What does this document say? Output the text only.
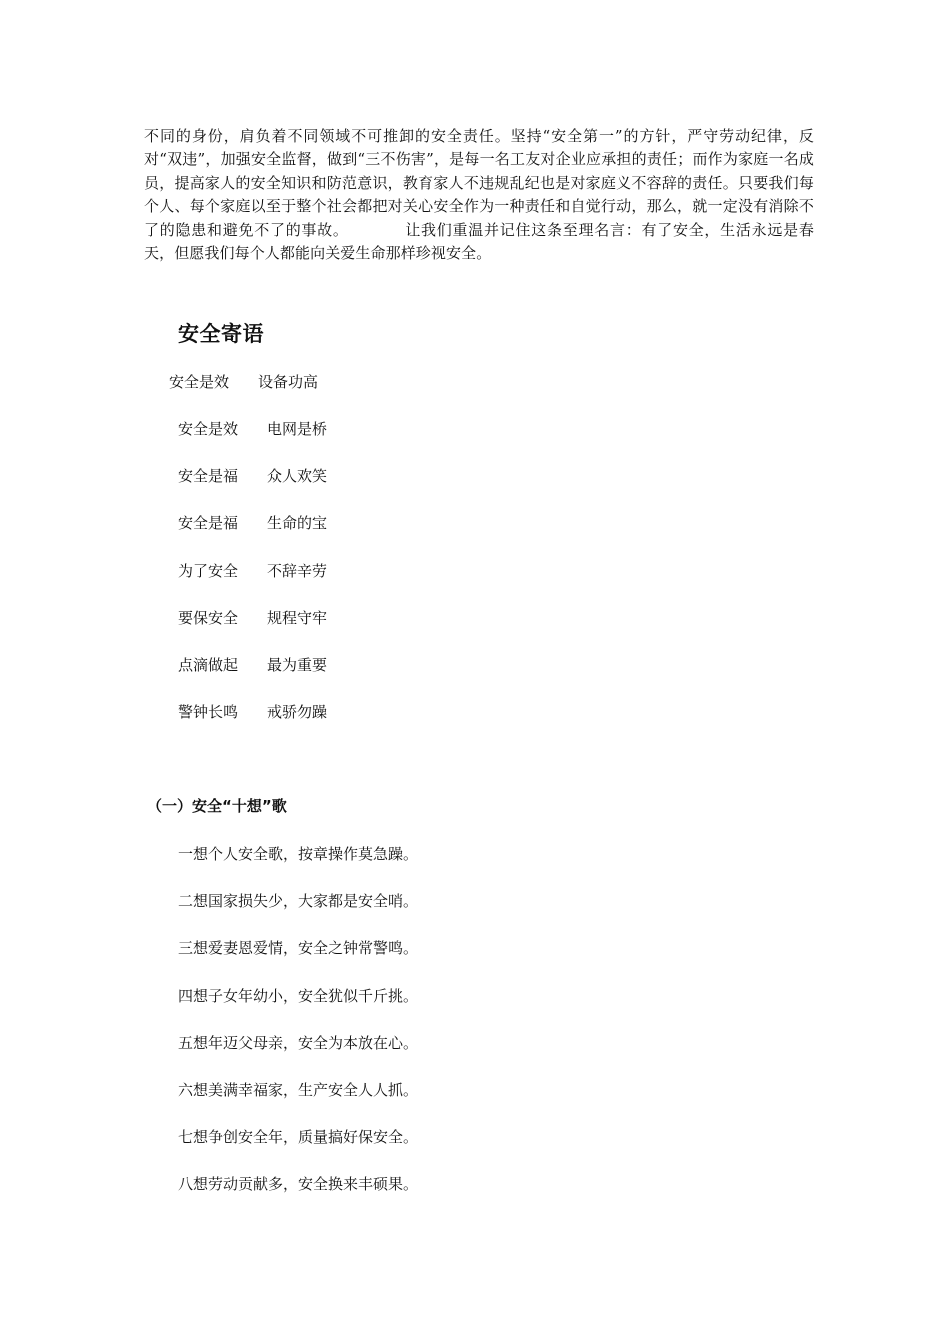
不同的身份，肩负着不同领域不可推卸的安全责任。坚持“安全第一”的方针，严守劳动纪律，反对“双违”，加强安全监督，做到“三不伤害”，是每一名工友对企业应承担的责任；而作为家庭一名成员，提高家人的安全知识和防范意识，教育家人不违规乱纪也是对家庭义不容辞的责任。只要我们每个人、每个家庭以至于整个社会都把对关心安全作为一种责任和自觉行动，那么，就一定没有消除不了的隐患和避免不了的事故。	让我们重温并记住这条至理名言：有了安全，生活永远是春天，但愿我们每个人都能向关爱生命那样珍视安全。

安全寄语

安全是效 设备功高

安全是效 电网是桥

安全是福 众人欢笑

安全是福 生命的宝

为了安全 不辞辛劳

要保安全 规程守牢

点滴做起 最为重要

警钟长鸣 戒骄勿躁

（一）安全“十想”歌

一想个人安全歌，按章操作莫急躁。

二想国家损失少，大家都是安全哨。

三想爱妻恩爱情，安全之钟常警鸣。

四想子女年幼小，安全犹似千斤挑。

五想年迈父母亲，安全为本放在心。

六想美满幸福家，生产安全人人抓。

七想争创安全年，质量搞好保安全。

八想劳动贡献多，安全换来丰硕果。
